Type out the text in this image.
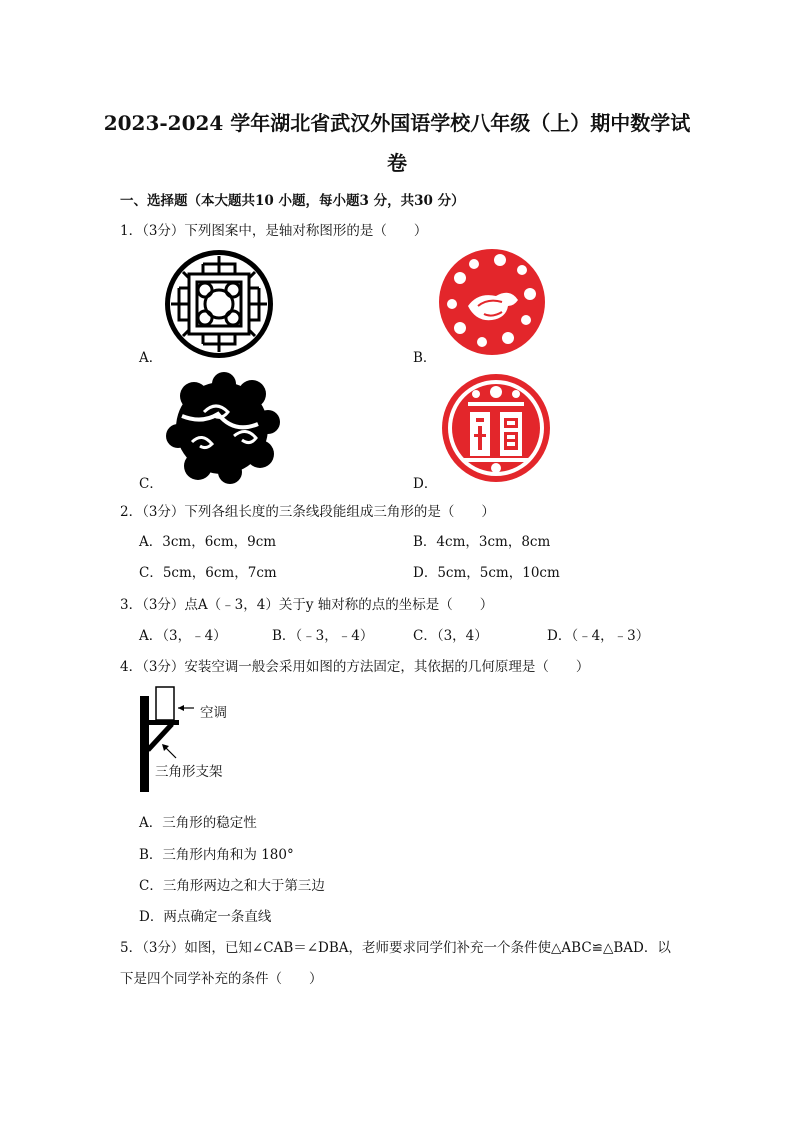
2023-2024 学年湖北省武汉外国语学校八年级（上）期中数学试
卷
一、选择题（本大题共10 小题，每小题3 分，共30 分）
1．（3分）下列图案中，是轴对称图形的是（　　）
A．	B．
C．	D．
2．（3分）下列各组长度的三条线段能组成三角形的是（　　）
A．3cm，6cm，9cm	B．4cm，3cm，8cm
C．5cm，6cm，7cm	D．5cm，5cm，10cm
3．（3分）点A（﹣3，4）关于y 轴对称的点的坐标是（　　）
A．（3，﹣4）	B．（﹣3，﹣4）	C．（3，4）	D．（﹣4，﹣3）
4．（3分）安装空调一般会采用如图的方法固定，其依据的几何原理是（　　）
空调
三角形支架
A．三角形的稳定性
B．三角形内角和为 180°
C．三角形两边之和大于第三边
D．两点确定一条直线
5．（3分）如图，已知∠CAB＝∠DBA，老师要求同学们补充一个条件使△ABC≌△BAD．以
下是四个同学补充的条件（　　）
